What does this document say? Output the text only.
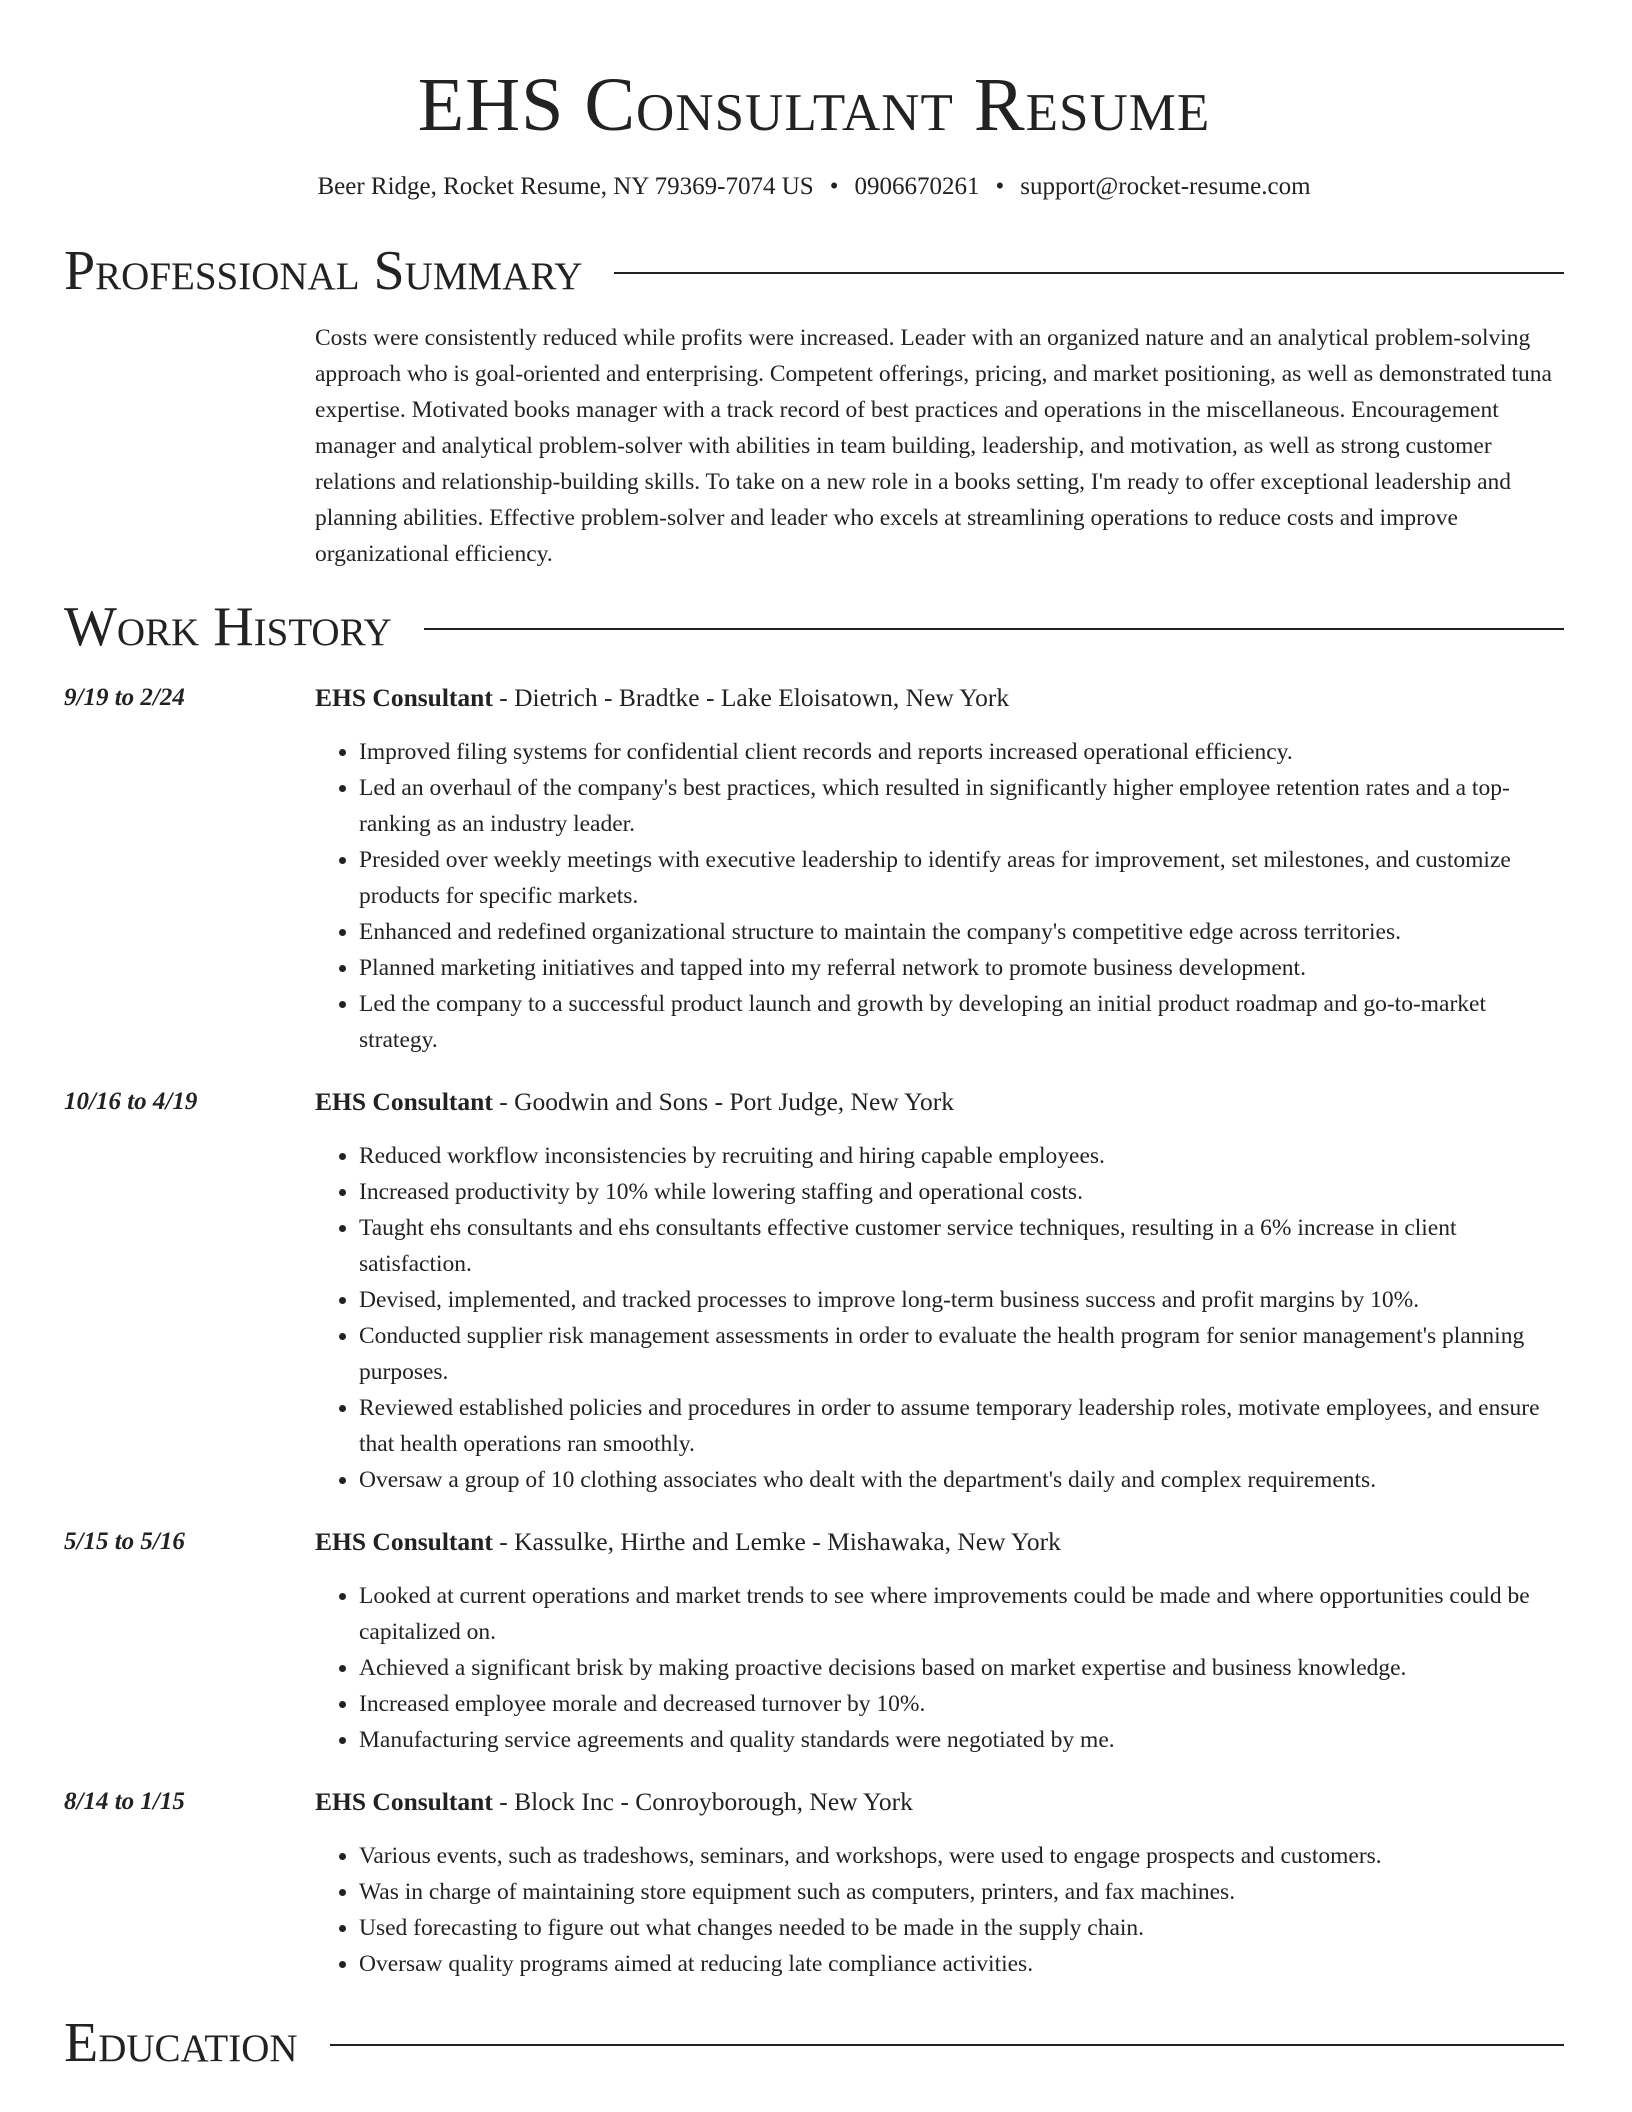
EHS Consultant Resume
Beer Ridge, Rocket Resume, NY 79369-7074 US • 0906670261 • support@rocket-resume.com
Professional Summary
Costs were consistently reduced while profits were increased. Leader with an organized nature and an analytical problem-solving approach who is goal-oriented and enterprising. Competent offerings, pricing, and market positioning, as well as demonstrated tuna expertise. Motivated books manager with a track record of best practices and operations in the miscellaneous. Encouragement manager and analytical problem-solver with abilities in team building, leadership, and motivation, as well as strong customer relations and relationship-building skills. To take on a new role in a books setting, I'm ready to offer exceptional leadership and planning abilities. Effective problem-solver and leader who excels at streamlining operations to reduce costs and improve organizational efficiency.
Work History
9/19 to 2/24	EHS Consultant - Dietrich - Bradtke - Lake Eloisatown, New York
• Improved filing systems for confidential client records and reports increased operational efficiency.
• Led an overhaul of the company's best practices, which resulted in significantly higher employee retention rates and a top-ranking as an industry leader.
• Presided over weekly meetings with executive leadership to identify areas for improvement, set milestones, and customize products for specific markets.
• Enhanced and redefined organizational structure to maintain the company's competitive edge across territories.
• Planned marketing initiatives and tapped into my referral network to promote business development.
• Led the company to a successful product launch and growth by developing an initial product roadmap and go-to-market strategy.
10/16 to 4/19	EHS Consultant - Goodwin and Sons - Port Judge, New York
• Reduced workflow inconsistencies by recruiting and hiring capable employees.
• Increased productivity by 10% while lowering staffing and operational costs.
• Taught ehs consultants and ehs consultants effective customer service techniques, resulting in a 6% increase in client satisfaction.
• Devised, implemented, and tracked processes to improve long-term business success and profit margins by 10%.
• Conducted supplier risk management assessments in order to evaluate the health program for senior management's planning purposes.
• Reviewed established policies and procedures in order to assume temporary leadership roles, motivate employees, and ensure that health operations ran smoothly.
• Oversaw a group of 10 clothing associates who dealt with the department's daily and complex requirements.
5/15 to 5/16	EHS Consultant - Kassulke, Hirthe and Lemke - Mishawaka, New York
• Looked at current operations and market trends to see where improvements could be made and where opportunities could be capitalized on.
• Achieved a significant brisk by making proactive decisions based on market expertise and business knowledge.
• Increased employee morale and decreased turnover by 10%.
• Manufacturing service agreements and quality standards were negotiated by me.
8/14 to 1/15	EHS Consultant - Block Inc - Conroyborough, New York
• Various events, such as tradeshows, seminars, and workshops, were used to engage prospects and customers.
• Was in charge of maintaining store equipment such as computers, printers, and fax machines.
• Used forecasting to figure out what changes needed to be made in the supply chain.
• Oversaw quality programs aimed at reducing late compliance activities.
Education
